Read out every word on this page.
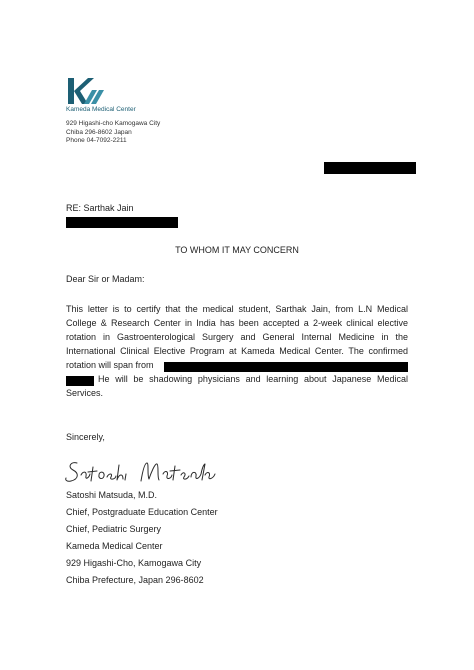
Kameda Medical Center
929 Higashi-cho Kamogawa City
Chiba 296-8602 Japan
Phone 04-7092-2211
RE: Sarthak Jain
TO WHOM IT MAY CONCERN
Dear Sir or Madam:
This letter is to certify that the medical student, Sarthak Jain, from L.N Medical
College & Research Center in India has been accepted a 2-week clinical elective
rotation in Gastroenterological Surgery and General Internal Medicine in the
International Clinical Elective Program at Kameda Medical Center. The confirmed
rotation will span from
He will be shadowing physicians and learning about Japanese Medical
Services.
Sincerely,
Satoshi Matsuda, M.D.
Chief, Postgraduate Education Center
Chief, Pediatric Surgery
Kameda Medical Center
929 Higashi-Cho, Kamogawa City
Chiba Prefecture, Japan 296-8602
